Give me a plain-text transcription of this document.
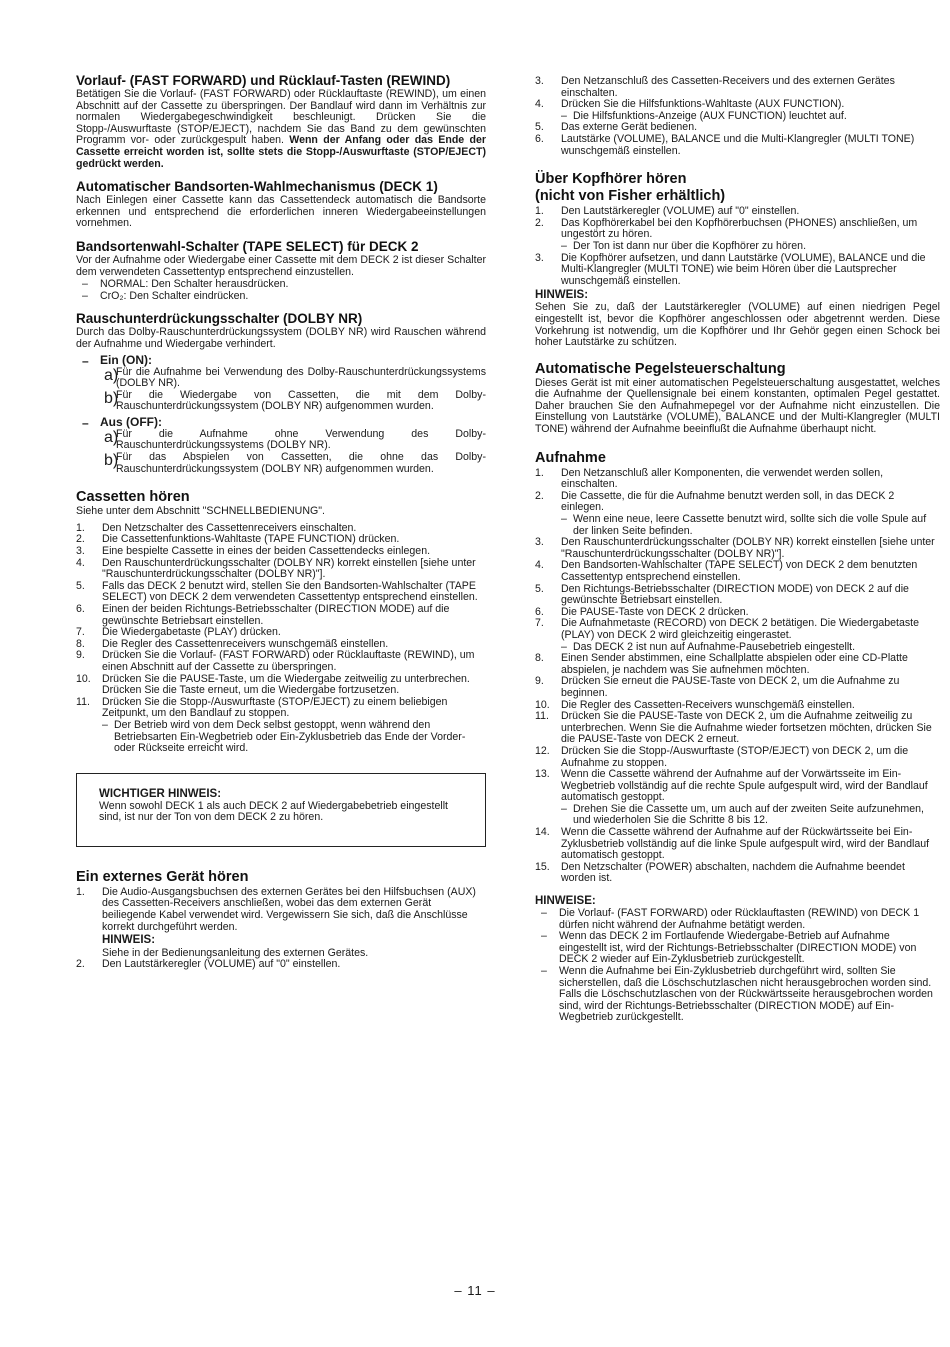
Vorlauf- (FAST FORWARD) und Rücklauf-Tasten (REWIND)

Betätigen Sie die Vorlauf- (FAST FORWARD) oder Rücklauftaste (REWIND), um einen Abschnitt auf der Cassette zu überspringen. Der Bandlauf wird dann im Verhältnis zur normalen Wiedergabegeschwindigkeit beschleunigt. Drücken Sie die Stopp-/Auswurftaste (STOP/EJECT), nachdem Sie das Band zu dem gewünschten Programm vor- oder zurückgespult haben. Wenn der Anfang oder das Ende der Cassette erreicht worden ist, sollte stets die Stopp-/Auswurftaste (STOP/EJECT) gedrückt werden.

Automatischer Bandsorten-Wahlmechanismus (DECK 1)

Nach Einlegen einer Cassette kann das Cassettendeck automatisch die Bandsorte erkennen und entsprechend die erforderlichen inneren Wiedergabeeinstellungen vornehmen.

Bandsortenwahl-Schalter (TAPE SELECT) für DECK 2

Vor der Aufnahme oder Wiedergabe einer Cassette mit dem DECK 2 ist dieser Schalter dem verwendeten Cassettentyp entsprechend einzustellen.

– NORMAL: Den Schalter herausdrücken.
– CrO₂: Den Schalter eindrücken.
Rauschunterdrückungsschalter (DOLBY NR)

Durch das Dolby-Rauschunterdrückungssystem (DOLBY NR) wird Rauschen während der Aufnahme und Wiedergabe verhindert.

– Ein (ON):
a)

Für die Aufnahme bei Verwendung des Dolby-Rauschunterdrückungssystems (DOLBY NR).

b)

Für die Wiedergabe von Cassetten, die mit dem Dolby-Rauschunterdrückungssystem (DOLBY NR) aufgenommen wurden.

– Aus (OFF):
a)

Für die Aufnahme ohne Verwendung des Dolby-Rauschunterdrückungssystems (DOLBY NR).

b)

Für das Abspielen von Cassetten, die ohne das Dolby-Rauschunterdrückungssystem (DOLBY NR) aufgenommen wurden.

Cassetten hören

Siehe unter dem Abschnitt "SCHNELLBEDIENUNG".

1.	Den Netzschalter des Cassettenreceivers einschalten.
2.	Die Cassettenfunktions-Wahltaste (TAPE FUNCTION) drücken.
3.	Eine bespielte Cassette in eines der beiden Cassettendecks einlegen.
4.	Den Rauschunterdrückungsschalter (DOLBY NR) korrekt einstellen [siehe unter "Rauschunterdrückungsschalter (DOLBY NR)"].
5.	Falls das DECK 2 benutzt wird, stellen Sie den Bandsorten-Wahlschalter (TAPE SELECT) von DECK 2 dem verwendeten Cassettentyp entsprechend einstellen.
6.	Einen der beiden Richtungs-Betriebsschalter (DIRECTION MODE) auf die gewünschte Betriebsart einstellen.
7.	Die Wiedergabetaste (PLAY) drücken.
8.	Die Regler des Cassettenreceivers wunschgemäß einstellen.
9.	Drücken Sie die Vorlauf- (FAST FORWARD) oder Rücklauftaste (REWIND), um einen Abschnitt auf der Cassette zu überspringen.
10.	Drücken Sie die PAUSE-Taste, um die Wiedergabe zeitweilig zu unterbrechen. Drücken Sie die Taste erneut, um die Wiedergabe fortzusetzen.
11.	Drücken Sie die Stopp-/Auswurftaste (STOP/EJECT) zu einem beliebigen Zeitpunkt, um den Bandlauf zu stoppen.
– Der Betrieb wird von dem Deck selbst gestoppt, wenn während den Betriebsarten Ein-Wegbetrieb oder Ein-Zyklusbetrieb das Ende der Vorder- oder Rückseite erreicht wird.
WICHTIGER HINWEIS:

Wenn sowohl DECK 1 als auch DECK 2 auf Wiedergabebetrieb eingestellt sind, ist nur der Ton von dem DECK 2 zu hören.

Ein externes Gerät hören
1.	Die Audio-Ausgangsbuchsen des externen Gerätes bei den Hilfsbuchsen (AUX) des Cassetten-Receivers anschließen, wobei das dem externen Gerät beiliegende Kabel verwendet wird. Vergewissern Sie sich, daß die Anschlüsse korrekt durchgeführt werden.
HINWEIS:

Siehe in der Bedienungsanleitung des externen Gerätes.

2.	Den Lautstärkeregler (VOLUME) auf "0" einstellen.
3.	Den Netzanschluß des Cassetten-Receivers und des externen Gerätes einschalten.
4.	Drücken Sie die Hilfsfunktions-Wahltaste (AUX FUNCTION).
– Die Hilfsfunktions-Anzeige (AUX FUNCTION) leuchtet auf.
5.	Das externe Gerät bedienen.
6.	Lautstärke (VOLUME), BALANCE und die Multi-Klangregler (MULTI TONE) wunschgemäß einstellen.
Über Kopfhörer hören
(nicht von Fisher erhältlich)
1.	Den Lautstärkeregler (VOLUME) auf "0" einstellen.
2.	Das Kopfhörerkabel bei den Kopfhörerbuchsen (PHONES) anschließen, um ungestört zu hören.
– Der Ton ist dann nur über die Kopfhörer zu hören.
3.	Die Kopfhörer aufsetzen, und dann Lautstärke (VOLUME), BALANCE und die Multi-Klangregler (MULTI TONE) wie beim Hören über die Lautsprecher wunschgemäß einstellen.
HINWEIS:

Sehen Sie zu, daß der Lautstärkeregler (VOLUME) auf einen niedrigen Pegel eingestellt ist, bevor die Kopfhörer angeschlossen oder abgetrennt werden. Diese Vorkehrung ist notwendig, um die Kopfhörer und Ihr Gehör gegen einen Schock bei hoher Lautstärke zu schützen.

Automatische Pegelsteuerschaltung

Dieses Gerät ist mit einer automatischen Pegelsteuerschaltung ausgestattet, welches die Aufnahme der Quellensignale bei einem konstanten, optimalen Pegel gestattet. Daher brauchen Sie den Aufnahmepegel vor der Aufnahme nicht einzustellen. Die Einstellung von Lautstärke (VOLUME), BALANCE und der Multi-Klangregler (MULTI TONE) während der Aufnahme beeinflußt die Aufnahme überhaupt nicht.

Aufnahme
1.	Den Netzanschluß aller Komponenten, die verwendet werden sollen, einschalten.
2.	Die Cassette, die für die Aufnahme benutzt werden soll, in das DECK 2 einlegen.
– Wenn eine neue, leere Cassette benutzt wird, sollte sich die volle Spule auf der linken Seite befinden.
3.	Den Rauschunterdrückungsschalter (DOLBY NR) korrekt einstellen [siehe unter "Rauschunterdrückungsschalter (DOLBY NR)"].
4.	Den Bandsorten-Wahlschalter (TAPE SELECT) von DECK 2 dem benutzten Cassettentyp entsprechend einstellen.
5.	Den Richtungs-Betriebsschalter (DIRECTION MODE) von DECK 2 auf die gewünschte Betriebsart einstellen.
6.	Die PAUSE-Taste von DECK 2 drücken.
7.	Die Aufnahmetaste (RECORD) von DECK 2 betätigen. Die Wiedergabetaste (PLAY) von DECK 2 wird gleichzeitig eingerastet.
– Das DECK 2 ist nun auf Aufnahme-Pausebetrieb eingestellt.
8.	Einen Sender abstimmen, eine Schallplatte abspielen oder eine CD-Platte abspielen, je nachdem was Sie aufnehmen möchten.
9.	Drücken Sie erneut die PAUSE-Taste von DECK 2, um die Aufnahme zu beginnen.
10.	Die Regler des Cassetten-Receivers wunschgemäß einstellen.
11.	Drücken Sie die PAUSE-Taste von DECK 2, um die Aufnahme zeitweilig zu unterbrechen. Wenn Sie die Aufnahme wieder fortsetzen möchten, drücken Sie die PAUSE-Taste von DECK 2 erneut.
12.	Drücken Sie die Stopp-/Auswurftaste (STOP/EJECT) von DECK 2, um die Aufnahme zu stoppen.
13.	Wenn die Cassette während der Aufnahme auf der Vorwärtsseite im Ein-Wegbetrieb vollständig auf die rechte Spule aufgespult wird, wird der Bandlauf automatisch gestoppt.
– Drehen Sie die Cassette um, um auch auf der zweiten Seite aufzunehmen, und wiederholen Sie die Schritte 8 bis 12.
14.	Wenn die Cassette während der Aufnahme auf der Rückwärtsseite bei Ein-Zyklusbetrieb vollständig auf die linke Spule aufgespult wird, wird der Bandlauf automatisch gestoppt.
15.	Den Netzschalter (POWER) abschalten, nachdem die Aufnahme beendet worden ist.
HINWEISE:
– Die Vorlauf- (FAST FORWARD) oder Rücklauftasten (REWIND) von DECK 1 dürfen nicht während der Aufnahme betätigt werden.
– Wenn das DECK 2 im Fortlaufende Wiedergabe-Betrieb auf Aufnahme eingestellt ist, wird der Richtungs-Betriebsschalter (DIRECTION MODE) von DECK 2 wieder auf Ein-Zyklusbetrieb zurückgestellt.
– Wenn die Aufnahme bei Ein-Zyklusbetrieb durchgeführt wird, sollten Sie sicherstellen, daß die Löschschutzlaschen nicht herausgebrochen worden sind. Falls die Löschschutzlaschen von der Rückwärtsseite herausgebrochen worden sind, wird der Richtungs-Betriebsschalter (DIRECTION MODE) auf Ein-Wegbetrieb zurückgestellt.
– 11 –
